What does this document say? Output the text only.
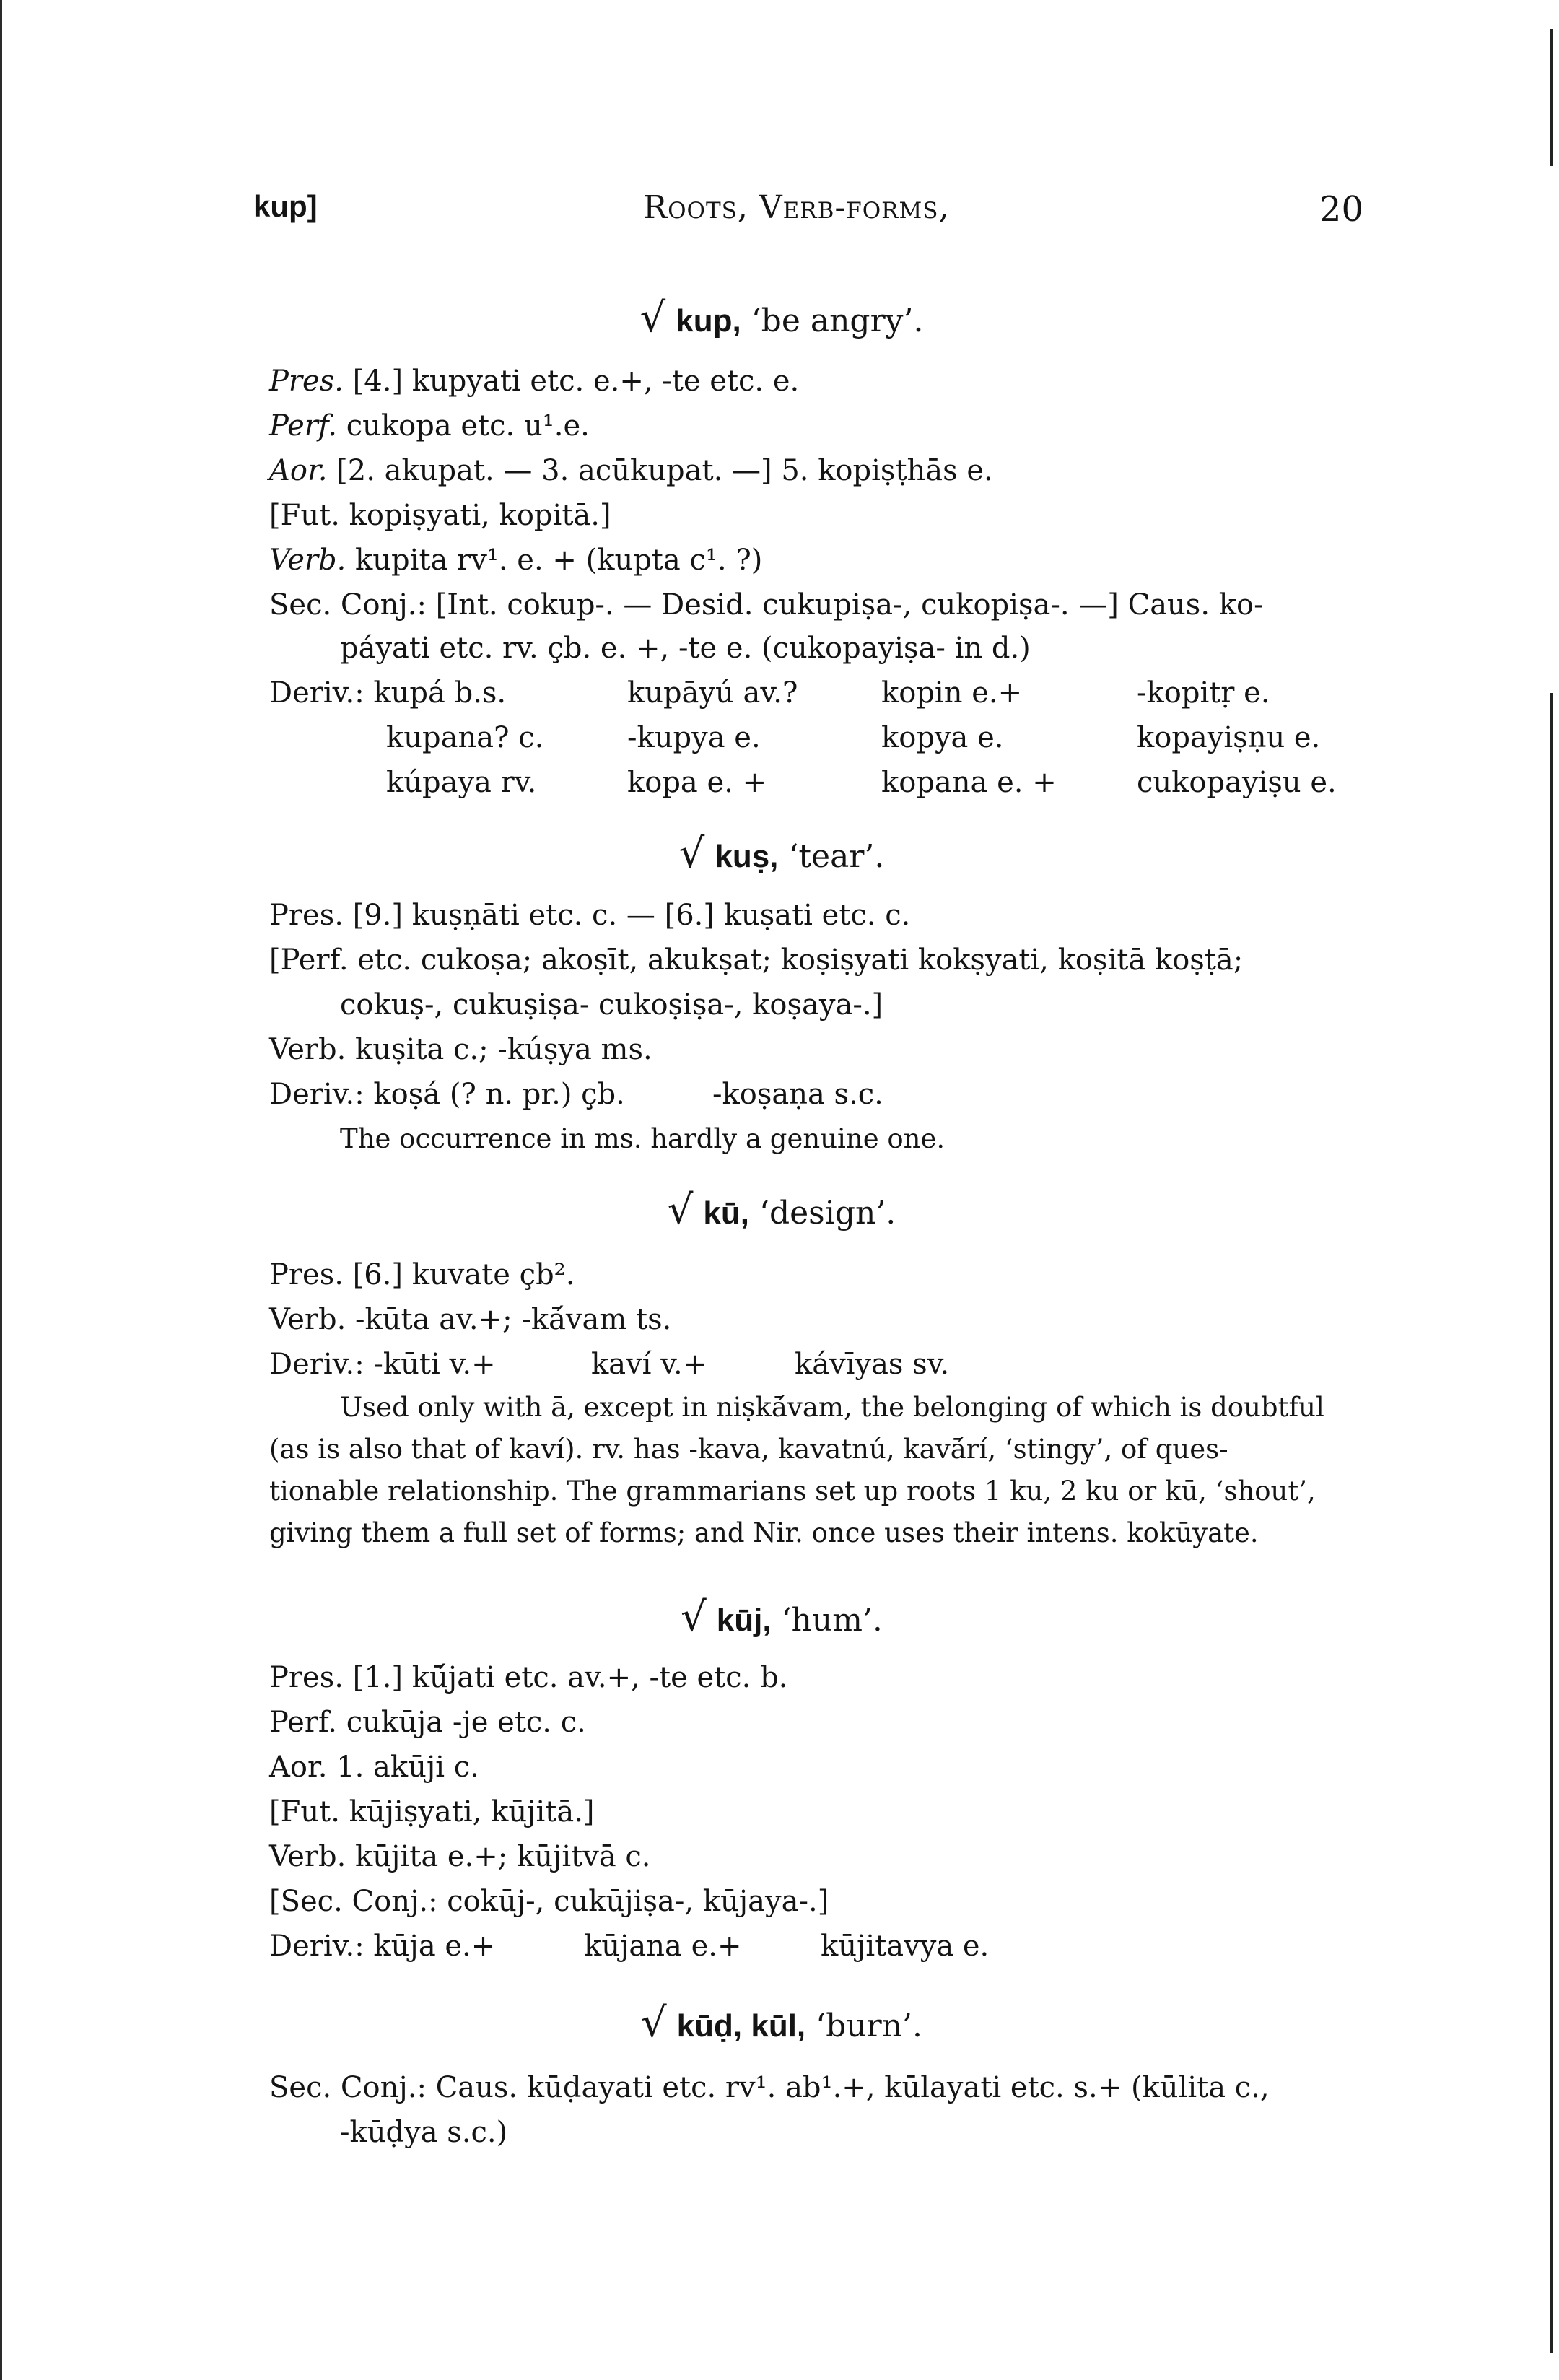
kup]	Roots, Verb-forms,	20
√ kup, ‘be angry’.
Pres. [4.] kupyati etc. e.+, -te etc. e.
Perf. cukopa etc. u¹.e.
Aor. [2. akupat. — 3. acūkupat. —] 5. kopiṣṭhās e.
[Fut. kopiṣyati, kopitā.]
Verb. kupita rv¹. e. + (kupta c¹. ?)
Sec. Conj.: [Int. cokup-. — Desid. cukupiṣa-, cukopiṣa-. —] Caus. ko-
páyati etc. rv. çb. e. +, -te e. (cukopayiṣa- in d.)
Deriv.: kupá b.s.	kupāyú av.?	kopin e.+	-kopitṛ e.
kupana? c.	-kupya e.	kopya e.	kopayiṣṇu e.
kúpaya rv.	kopa e. +	kopana e. +	cukopayiṣu e.
√ kuṣ, ‘tear’.
Pres. [9.] kuṣṇāti etc. c. — [6.] kuṣati etc. c.
[Perf. etc. cukoṣa; akoṣīt, akukṣat; koṣiṣyati kokṣyati, koṣitā koṣṭā;
cokuṣ-, cukuṣiṣa- cukoṣiṣa-, koṣaya-.]
Verb. kuṣita c.; -kúṣya ms.
Deriv.: koṣá (? n. pr.) çb.	-koṣaṇa s.c.
The occurrence in ms. hardly a genuine one.
√ kū, ‘design’.
Pres. [6.] kuvate çb².
Verb. -kūta av.+; -kā́vam ts.
Deriv.: -kūti v.+	kaví v.+	kávīyas sv.
Used only with ā, except in niṣkā́vam, the belonging of which is doubtful
(as is also that of kaví). rv. has -kava, kavatnú, kavā́rí, ‘stingy’, of ques-
tionable relationship. The grammarians set up roots 1 ku, 2 ku or kū, ‘shout’,
giving them a full set of forms; and Nir. once uses their intens. kokūyate.
√ kūj, ‘hum’.
Pres. [1.] kū́jati etc. av.+, -te etc. b.
Perf. cukūja -je etc. c.
Aor. 1. akūji c.
[Fut. kūjiṣyati, kūjitā.]
Verb. kūjita e.+; kūjitvā c.
[Sec. Conj.: cokūj-, cukūjiṣa-, kūjaya-.]
Deriv.: kūja e.+	kūjana e.+	kūjitavya e.
√ kūḍ, kūl, ‘burn’.
Sec. Conj.: Caus. kūḍayati etc. rv¹. ab¹.+, kūlayati etc. s.+ (kūlita c.,
-kūḍya s.c.)
